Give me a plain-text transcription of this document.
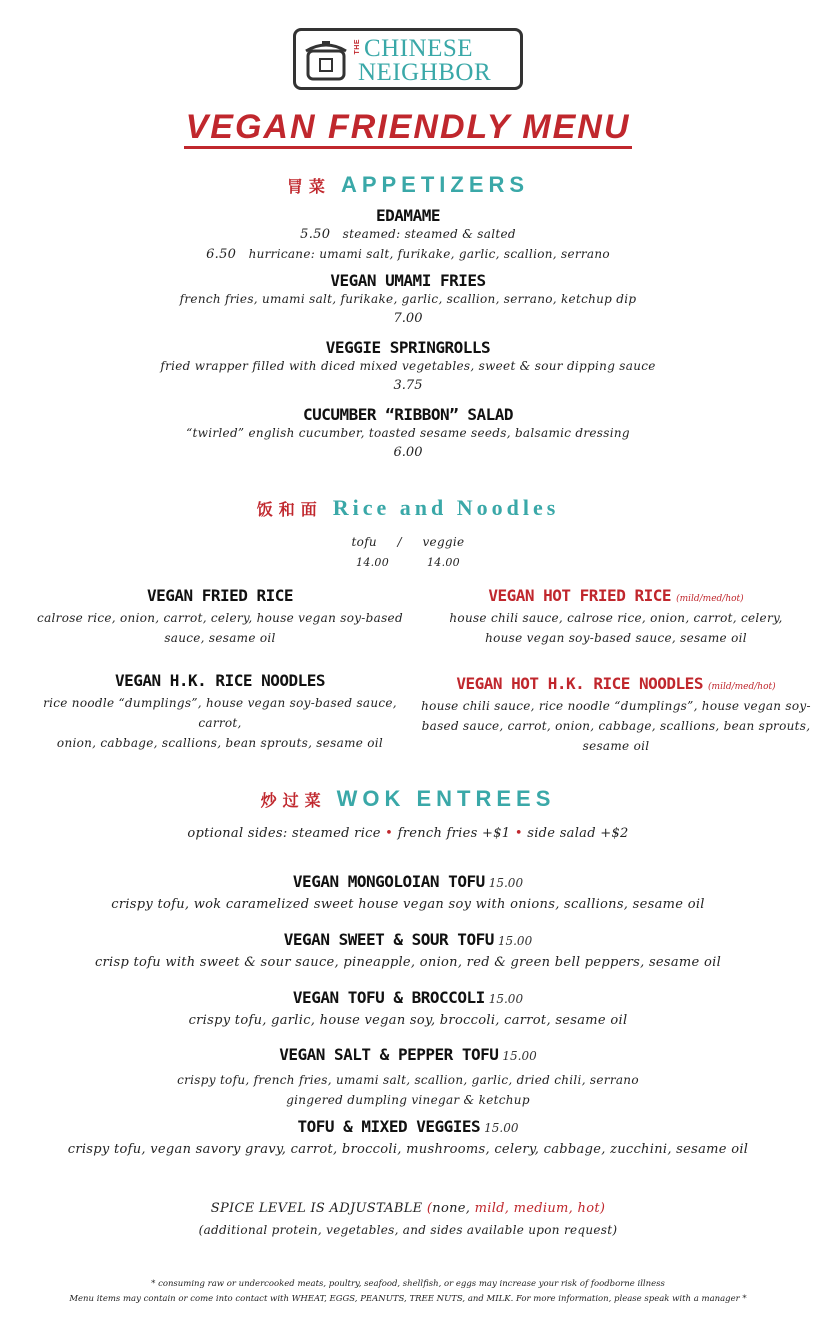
THE CHINESE
NEIGHBOR
VEGAN FRIENDLY MENU
冐菜 APPETIZERS
EDAMAME
5.50 steamed: steamed & salted
6.50 hurricane: umami salt, furikake, garlic, scallion, serrano
VEGAN UMAMI FRIES
french fries, umami salt, furikake, garlic, scallion, serrano, ketchup dip
7.00
VEGGIE SPRINGROLLS
fried wrapper filled with diced mixed vegetables, sweet & sour dipping sauce
3.75
CUCUMBER “RIBBON” SALAD
“twirled” english cucumber, toasted sesame seeds, balsamic dressing
6.00
饭和面 Rice and Noodles
tofu / veggie
14.00	14.00
VEGAN FRIED RICE
calrose rice, onion, carrot, celery, house vegan soy-based
sauce, sesame oil
VEGAN H.K. RICE NOODLES
rice noodle “dumplings”, house vegan soy-based sauce, carrot,
onion, cabbage, scallions, bean sprouts, sesame oil
VEGAN HOT FRIED RICE (mild/med/hot)
house chili sauce, calrose rice, onion, carrot, celery,
house vegan soy-based sauce, sesame oil
VEGAN HOT H.K. RICE NOODLES (mild/med/hot)
house chili sauce, rice noodle “dumplings”, house vegan soy-
based sauce, carrot, onion, cabbage, scallions, bean sprouts,
sesame oil
炒过菜 WOK ENTREES
optional sides: steamed rice • french fries +$1 • side salad +$2
VEGAN MONGOLOIAN TOFU 15.00
crispy tofu, wok caramelized sweet house vegan soy with onions, scallions, sesame oil
VEGAN SWEET & SOUR TOFU 15.00
crisp tofu with sweet & sour sauce, pineapple, onion, red & green bell peppers, sesame oil
VEGAN TOFU & BROCCOLI 15.00
crispy tofu, garlic, house vegan soy, broccoli, carrot, sesame oil
VEGAN SALT & PEPPER TOFU 15.00
crispy tofu, french fries, umami salt, scallion, garlic, dried chili, serrano
gingered dumpling vinegar & ketchup
TOFU & MIXED VEGGIES 15.00
crispy tofu, vegan savory gravy, carrot, broccoli, mushrooms, celery, cabbage, zucchini, sesame oil
SPICE LEVEL IS ADJUSTABLE (none, mild, medium, hot)
(additional protein, vegetables, and sides available upon request)
* consuming raw or undercooked meats, poultry, seafood, shellfish, or eggs may increase your risk of foodborne illness
Menu items may contain or come into contact with WHEAT, EGGS, PEANUTS, TREE NUTS, and MILK. For more information, please speak with a manager *
